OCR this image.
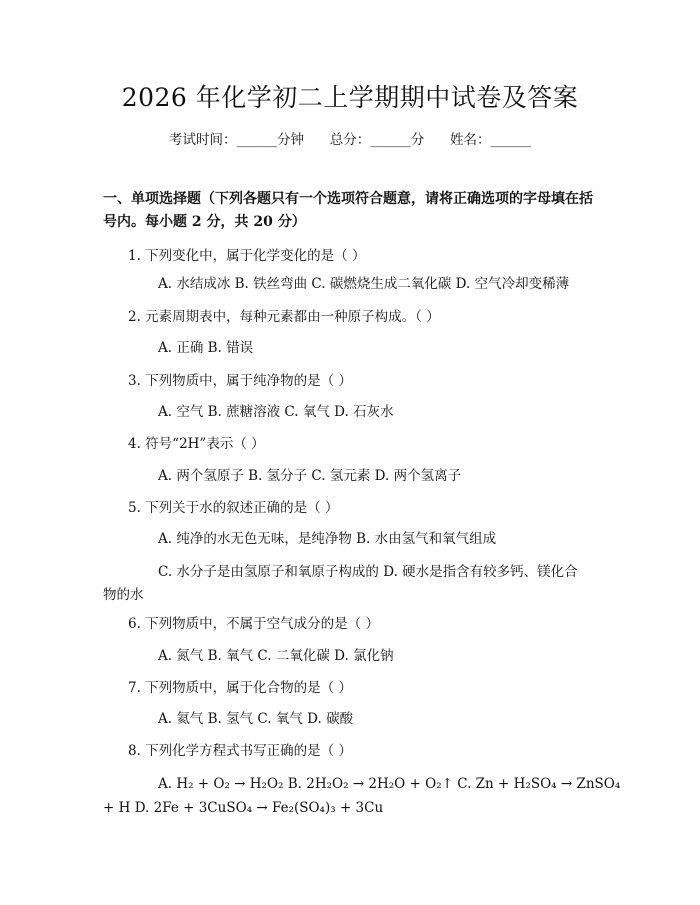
2026 年化学初二上学期期中试卷及答案
考试时间：______分钟      总分：______分      姓名：______
一、单项选择题（下列各题只有一个选项符合题意，请将正确选项的字母填在括号内。每小题 2 分，共 20 分）
1. 下列变化中，属于化学变化的是（ ）
A. 水结成冰 B. 铁丝弯曲 C. 碳燃烧生成二氧化碳 D. 空气冷却变稀薄
2. 元素周期表中，每种元素都由一种原子构成。（ ）
A. 正确 B. 错误
3. 下列物质中，属于纯净物的是（ ）
A. 空气 B. 蔗糖溶液 C. 氧气 D. 石灰水
4. 符号“2H”表示（ ）
A. 两个氢原子 B. 氢分子 C. 氢元素 D. 两个氢离子
5. 下列关于水的叙述正确的是（ ）
A. 纯净的水无色无味，是纯净物 B. 水由氢气和氧气组成
C. 水分子是由氢原子和氧原子构成的 D. 硬水是指含有较多钙、镁化合
物的水
6. 下列物质中，不属于空气成分的是（ ）
A. 氮气 B. 氧气 C. 二氧化碳 D. 氯化钠
7. 下列物质中，属于化合物的是（ ）
A. 氦气 B. 氢气 C. 氧气 D. 碳酸
8. 下列化学方程式书写正确的是（ ）
A. H₂ + O₂ → H₂O₂ B. 2H₂O₂ → 2H₂O + O₂↑ C. Zn + H₂SO₄ → ZnSO₄
+ H D. 2Fe + 3CuSO₄ → Fe₂(SO₄)₃ + 3Cu
